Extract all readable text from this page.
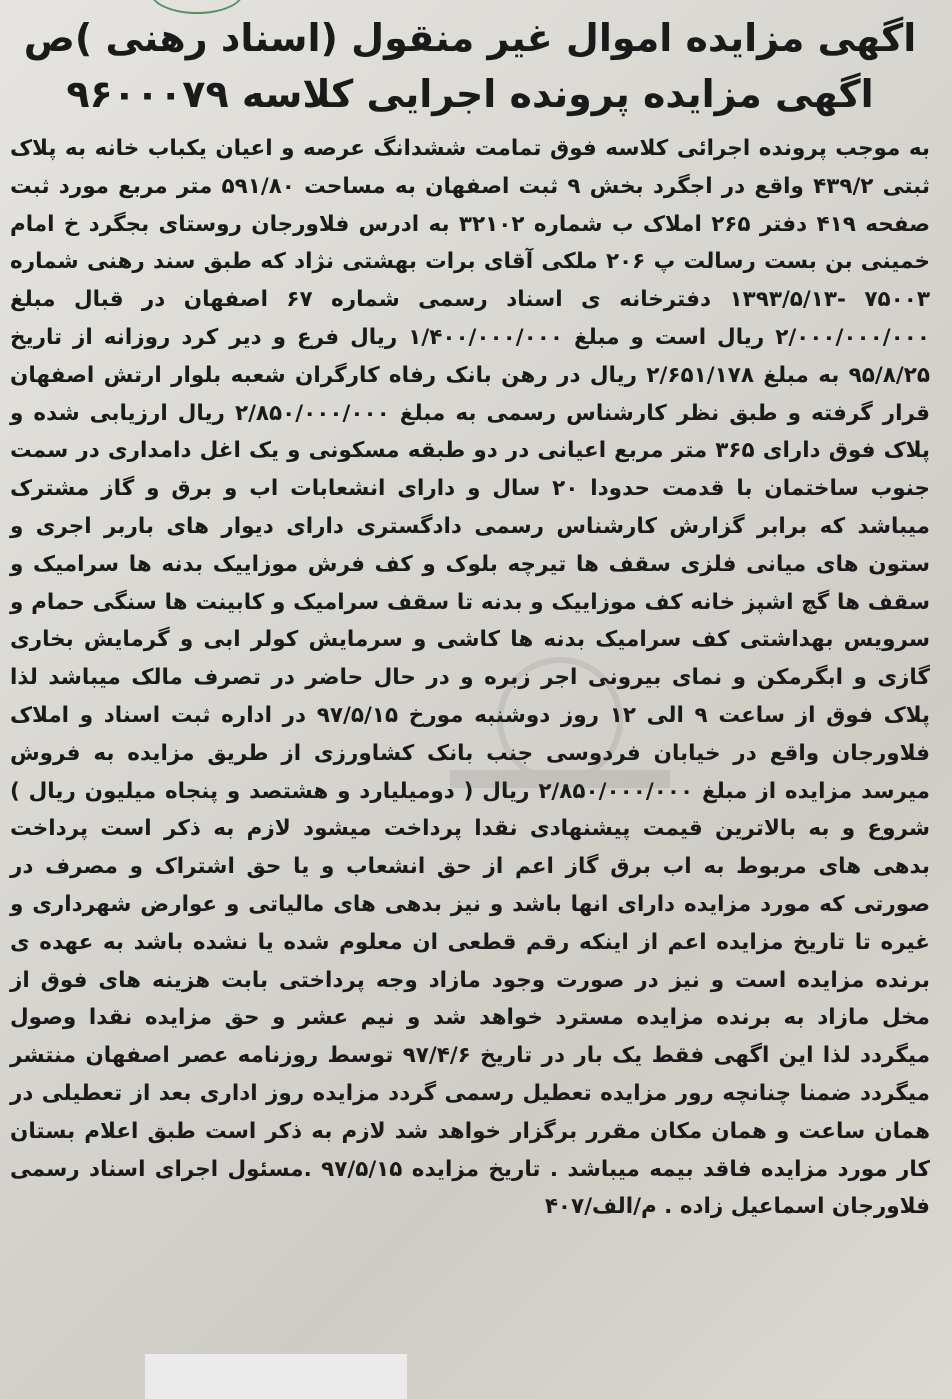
اگهی مزایده اموال غیر منقول (اسناد رهنی )ص
اگهی مزایده پرونده اجرایی کلاسه ۹۶۰۰۰۷۹

به موجب پرونده اجرائی کلاسه فوق تمامت ششدانگ عرصه و اعیان یکباب خانه به پلاک ثبتی ۴۳۹/۲ واقع در اجگرد بخش ۹ ثبت اصفهان به مساحت ۵۹۱/۸۰ متر مربع مورد ثبت صفحه ۴۱۹ دفتر ۲۶۵ املاک ب شماره ۳۲۱۰۲ به ادرس فلاورجان روستای بجگرد خ امام خمینی بن بست رسالت پ ۲۰۶ ملکی آقای برات بهشتی نژاد که طبق سند رهنی شماره ۷۵۰۰۳ -۱۳۹۳/۵/۱۳ دفترخانه ی اسناد رسمی شماره ۶۷ اصفهان در قبال مبلغ ۲/۰۰۰/۰۰۰/۰۰۰ ریال است و مبلغ ۱/۴۰۰/۰۰۰/۰۰۰ ریال فرع و دیر کرد روزانه از تاریخ ۹۵/۸/۲۵ به مبلغ ۲/۶۵۱/۱۷۸ ریال در رهن بانک رفاه کارگران شعبه بلوار ارتش اصفهان قرار گرفته و طبق نظر کارشناس رسمی به مبلغ ۲/۸۵۰/۰۰۰/۰۰۰ ریال ارزیابی شده و پلاک فوق دارای ۳۶۵ متر مربع اعیانی در دو طبقه مسکونی و یک اغل دامداری در سمت جنوب ساختمان با قدمت حدودا ۲۰ سال و دارای انشعابات اب و برق و گاز مشترک میباشد که برابر گزارش کارشناس رسمی دادگستری دارای دیوار های باربر اجری و ستون های میانی فلزی سقف ها تیرچه بلوک و کف فرش موزاییک بدنه ها سرامیک و سقف ها گچ اشپز خانه کف موزاییک و بدنه تا سقف سرامیک و کابینت ها سنگی حمام و سرویس بهداشتی کف سرامیک بدنه ها کاشی و سرمایش کولر ابی و گرمایش بخاری گازی و ابگرمکن و نمای بیرونی اجر زبره و در حال حاضر در تصرف مالک میباشد لذا پلاک فوق از ساعت ۹ الی ۱۲ روز دوشنبه مورخ ۹۷/۵/۱۵ در اداره ثبت اسناد و املاک فلاورجان واقع در خیابان فردوسی جنب بانک کشاورزی از طریق مزایده به فروش میرسد مزایده از مبلغ ۲/۸۵۰/۰۰۰/۰۰۰ ریال ( دومیلیارد و هشتصد و پنجاه میلیون ریال ) شروع و به بالاترین قیمت پیشنهادی نقدا پرداخت میشود لازم به ذکر است پرداخت بدهی های مربوط به اب برق گاز اعم از حق انشعاب و یا حق اشتراک و مصرف در صورتی که مورد مزایده دارای انها باشد و نیز بدهی های مالیاتی و عوارض شهرداری و غیره تا تاریخ مزایده اعم از اینکه رقم قطعی ان معلوم شده یا نشده باشد به عهده ی برنده مزایده است و نیز در صورت وجود مازاد وجه پرداختی بابت هزینه های فوق از مخل مازاد به برنده مزایده مسترد خواهد شد و نیم عشر و حق مزایده نقدا وصول میگردد لذا این اگهی فقط یک بار در تاریخ ۹۷/۴/۶ توسط روزنامه عصر اصفهان منتشر میگردد ضمنا چنانچه رور مزایده تعطیل رسمی گردد مزایده روز اداری بعد از تعطیلی در همان ساعت و همان مکان مقرر برگزار خواهد شد لازم به ذکر است طبق اعلام بستان کار مورد مزایده فاقد بیمه میباشد . تاریخ مزایده ۹۷/۵/۱۵ .مسئول اجرای اسناد رسمی فلاورجان اسماعیل زاده . م/الف/۴۰۷
